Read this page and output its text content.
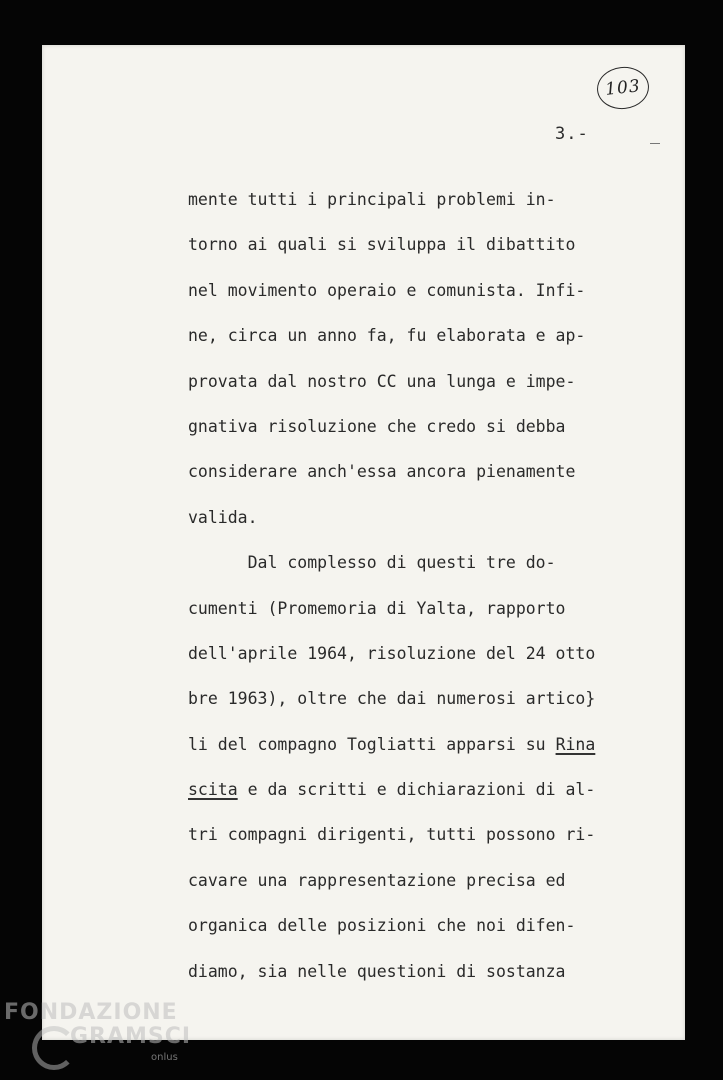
103
3.-
mente tutti i principali problemi in-
torno ai quali si sviluppa il dibattito
nel movimento operaio e comunista. Infi-
ne, circa un anno fa, fu elaborata e ap-
provata dal nostro CC una lunga e impe-
gnativa risoluzione che credo si debba
considerare anch'essa ancora pienamente
valida.
Dal complesso di questi tre do-
cumenti (Promemoria di Yalta, rapporto
dell'aprile 1964, risoluzione del 24 otto
bre 1963), oltre che dai numerosi artico}
li del compagno Togliatti apparsi su Rina
scita e da scritti e dichiarazioni di al-
tri compagni dirigenti, tutti possono ri-
cavare una rappresentazione precisa ed
organica delle posizioni che noi difen-
diamo, sia nelle questioni di sostanza
FONDAZIONE
GRAMSCI
onlus
